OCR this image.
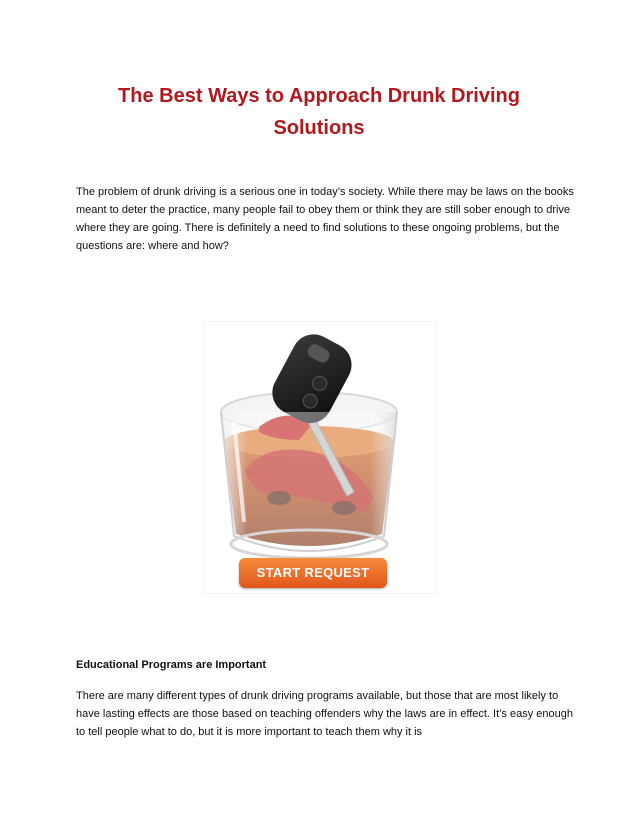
The Best Ways to Approach Drunk Driving Solutions
The problem of drunk driving is a serious one in today’s society. While there may be laws on the books meant to deter the practice, many people fail to obey them or think they are still sober enough to drive where they are going. There is definitely a need to find solutions to these ongoing problems, but the questions are: where and how?
START REQUEST
Educational Programs are Important
There are many different types of drunk driving programs available, but those that are most likely to have lasting effects are those based on teaching offenders why the laws are in effect. It’s easy enough to tell people what to do, but it is more important to teach them why it is
